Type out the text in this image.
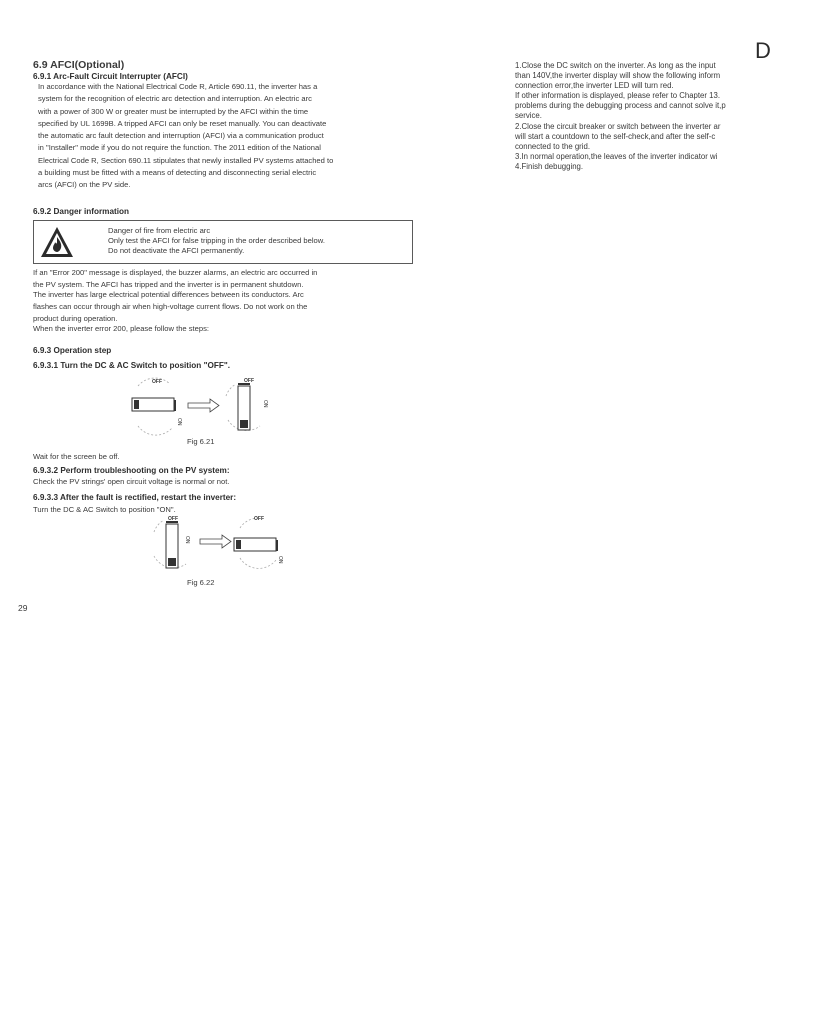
6.9 AFCI(Optional)
6.9.1 Arc-Fault Circuit Interrupter (AFCI)
In accordance with the National Electrical Code R, Article 690.11, the inverter has a
system for the recognition of electric arc detection and interruption. An electric arc
with a power of 300 W or greater must be interrupted by the AFCI within the time
specified by UL 1699B. A tripped AFCI can only be reset manually. You can deactivate
the automatic arc fault detection and interruption (AFCI) via a communication product
in "Installer" mode if you do not require the function. The 2011 edition of the National
Electrical Code R, Section 690.11 stipulates that newly installed PV systems attached to
a building must be fitted with a means of detecting and disconnecting serial electric
arcs (AFCI) on the PV side.
6.9.2 Danger information
Danger of fire from electric arc
Only test the AFCI for false tripping in the order described below.
Do not deactivate the AFCI permanently.
If an "Error 200" message is displayed, the buzzer alarms, an electric arc occurred in
the PV system. The AFCI has tripped and the inverter is in permanent shutdown.
The inverter has large electrical potential differences between its conductors. Arc
flashes can occur through air when high-voltage current flows. Do not work on the
product during operation.
When the inverter error 200, please follow the steps:
6.9.3 Operation step
6.9.3.1 Turn the DC & AC Switch to position "OFF".
OFF
ON
OFF
ON
Fig 6.21
Wait for the screen be off.
6.9.3.2 Perform troubleshooting on the PV system:
Check the PV strings' open circuit voltage is normal or not.
6.9.3.3 After the fault is rectified, restart the inverter:
Turn the DC & AC Switch to position "ON".
OFF
ON
OFF
ON
Fig 6.22
29
D
1.Close the DC switch on the inverter. As long as the input
than 140V,the inverter display will show the following inform
connection error,the inverter LED will turn red.
If other information is displayed, please refer to Chapter 13.
problems during the debugging process and cannot solve it,p
service.
2.Close the circuit breaker or switch between the inverter ar
will start a countdown to the self-check,and after the self-c
connected to the grid.
3.In normal operation,the leaves of the inverter indicator wi
4.Finish debugging.
